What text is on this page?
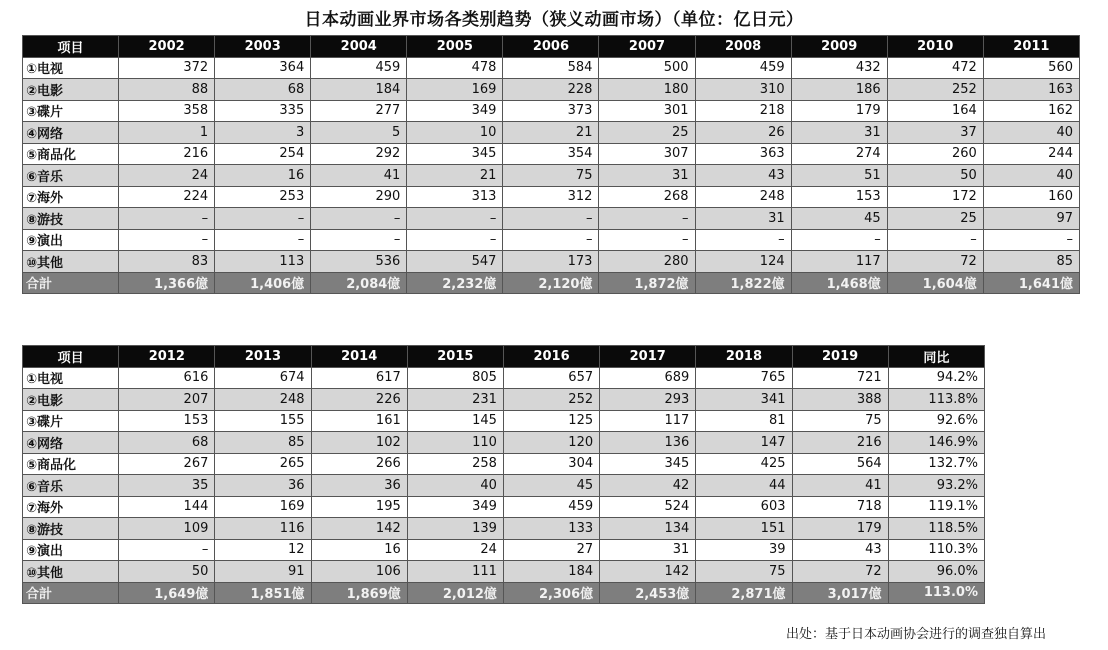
日本动画业界市场各类别趋势（狭义动画市场）（单位：亿日元）
项目	2002	2003	2004	2005	2006	2007	2008	2009	2010	2011
①电视	372	364	459	478	584	500	459	432	472	560
②电影	88	68	184	169	228	180	310	186	252	163
③碟片	358	335	277	349	373	301	218	179	164	162
④网络	1	3	5	10	21	25	26	31	37	40
⑤商品化	216	254	292	345	354	307	363	274	260	244
⑥音乐	24	16	41	21	75	31	43	51	50	40
⑦海外	224	253	290	313	312	268	248	153	172	160
⑧游技	–	–	–	–	–	–	31	45	25	97
⑨演出	–	–	–	–	–	–	–	–	–	–
⑩其他	83	113	536	547	173	280	124	117	72	85
合計	1,366億	1,406億	2,084億	2,232億	2,120億	1,872億	1,822億	1,468億	1,604億	1,641億
项目	2012	2013	2014	2015	2016	2017	2018	2019	同比
①电视	616	674	617	805	657	689	765	721	94.2%
②电影	207	248	226	231	252	293	341	388	113.8%
③碟片	153	155	161	145	125	117	81	75	92.6%
④网络	68	85	102	110	120	136	147	216	146.9%
⑤商品化	267	265	266	258	304	345	425	564	132.7%
⑥音乐	35	36	36	40	45	42	44	41	93.2%
⑦海外	144	169	195	349	459	524	603	718	119.1%
⑧游技	109	116	142	139	133	134	151	179	118.5%
⑨演出	–	12	16	24	27	31	39	43	110.3%
⑩其他	50	91	106	111	184	142	75	72	96.0%
合計	1,649億	1,851億	1,869億	2,012億	2,306億	2,453億	2,871億	3,017億	113.0%
出处：基于日本动画协会进行的调查独自算出
